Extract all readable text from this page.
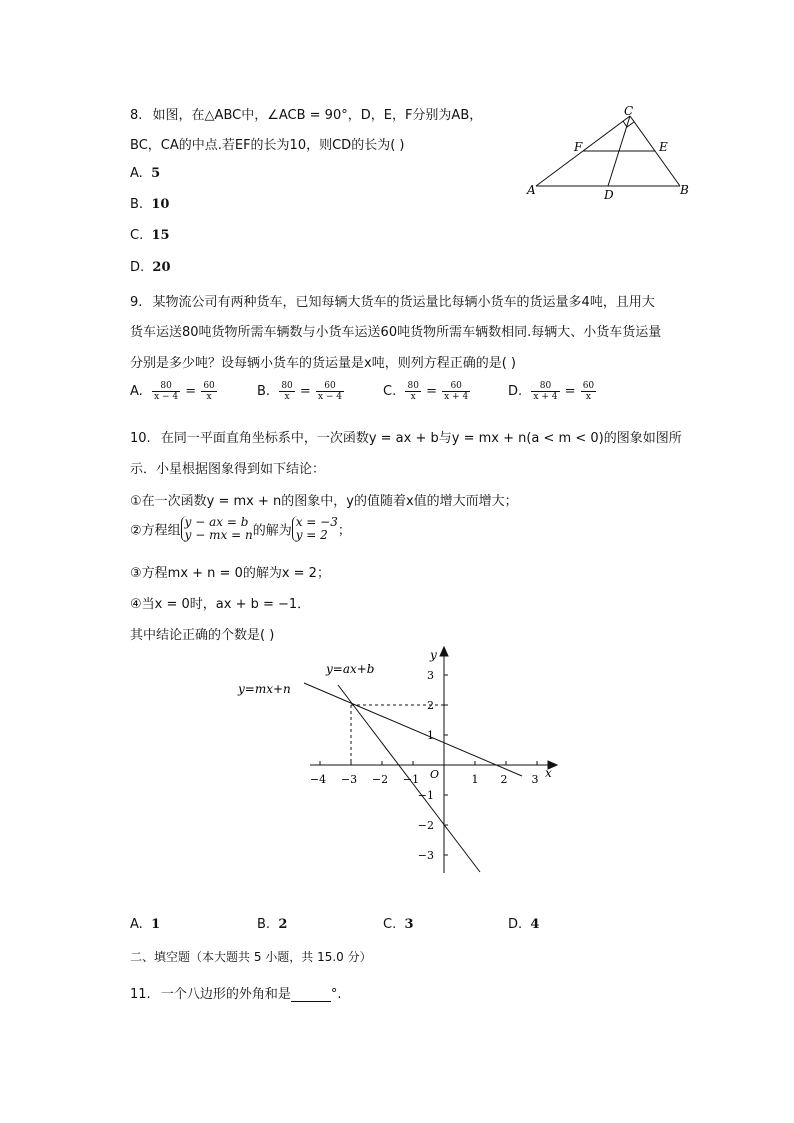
8. 如图，在△ABC中，∠ACB = 90°，D，E，F分别为AB，
BC，CA的中点.若EF的长为10，则CD的长为( )
A. 5
B. 10
C. 15
D. 20
C
F	E
A	D	B
9. 某物流公司有两种货车，已知每辆大货车的货运量比每辆小货车的货运量多4吨，且用大
货车运送80吨货物所需车辆数与小货车运送60吨货物所需车辆数相同.每辆大、小货车货运量
分别是多少吨？设每辆小货车的货运量是x吨，则列方程正确的是( )
A. $\frac{80}{x - 4} = \frac{60}{x}$	B. $\frac{80}{x} = \frac{60}{x - 4}$	C. $\frac{80}{x} = \frac{60}{x + 4}$	D. $\frac{80}{x + 4} = \frac{60}{x}$
10. 在同一平面直角坐标系中，一次函数y = ax + b与y = mx + n(a < m < 0)的图象如图所
示．小星根据图象得到如下结论：
①在一次函数y = mx + n的图象中，y的值随着x值的增大而增大；
②方程组
y − ax = b
y − mx = n 的解为
x = −3
y = 2 ；
③方程mx + n = 0的解为x = 2；
④当x = 0时，ax + b = −1．
其中结论正确的个数是( )
y=ax+b
y=mx+n
x
y
O
−4 −3 −2 −1	1 2 3
3
2
1
−1
−2
−3
A. 1	B. 2	C. 3	D. 4
二、填空题（本大题共 5 小题，共 15.0 分）
11. 一个八边形的外角和是	°.
